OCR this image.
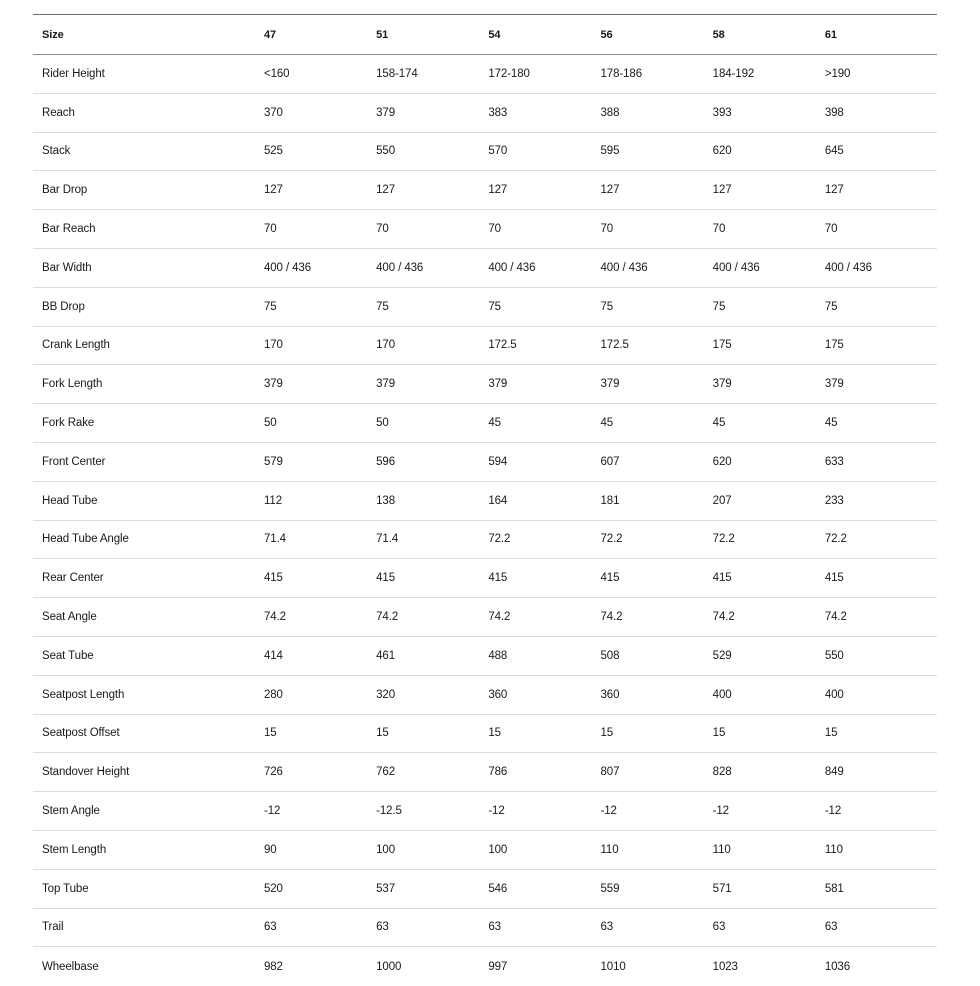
Size	47	51	54	56	58	61
Rider Height	<160	158-174	172-180	178-186	184-192	>190
Reach	370	379	383	388	393	398
Stack	525	550	570	595	620	645
Bar Drop	127	127	127	127	127	127
Bar Reach	70	70	70	70	70	70
Bar Width	400 / 436	400 / 436	400 / 436	400 / 436	400 / 436	400 / 436
BB Drop	75	75	75	75	75	75
Crank Length	170	170	172.5	172.5	175	175
Fork Length	379	379	379	379	379	379
Fork Rake	50	50	45	45	45	45
Front Center	579	596	594	607	620	633
Head Tube	112	138	164	181	207	233
Head Tube Angle	71.4	71.4	72.2	72.2	72.2	72.2
Rear Center	415	415	415	415	415	415
Seat Angle	74.2	74.2	74.2	74.2	74.2	74.2
Seat Tube	414	461	488	508	529	550
Seatpost Length	280	320	360	360	400	400
Seatpost Offset	15	15	15	15	15	15
Standover Height	726	762	786	807	828	849
Stem Angle	-12	-12.5	-12	-12	-12	-12
Stem Length	90	100	100	110	110	110
Top Tube	520	537	546	559	571	581
Trail	63	63	63	63	63	63
Wheelbase	982	1000	997	1010	1023	1036
